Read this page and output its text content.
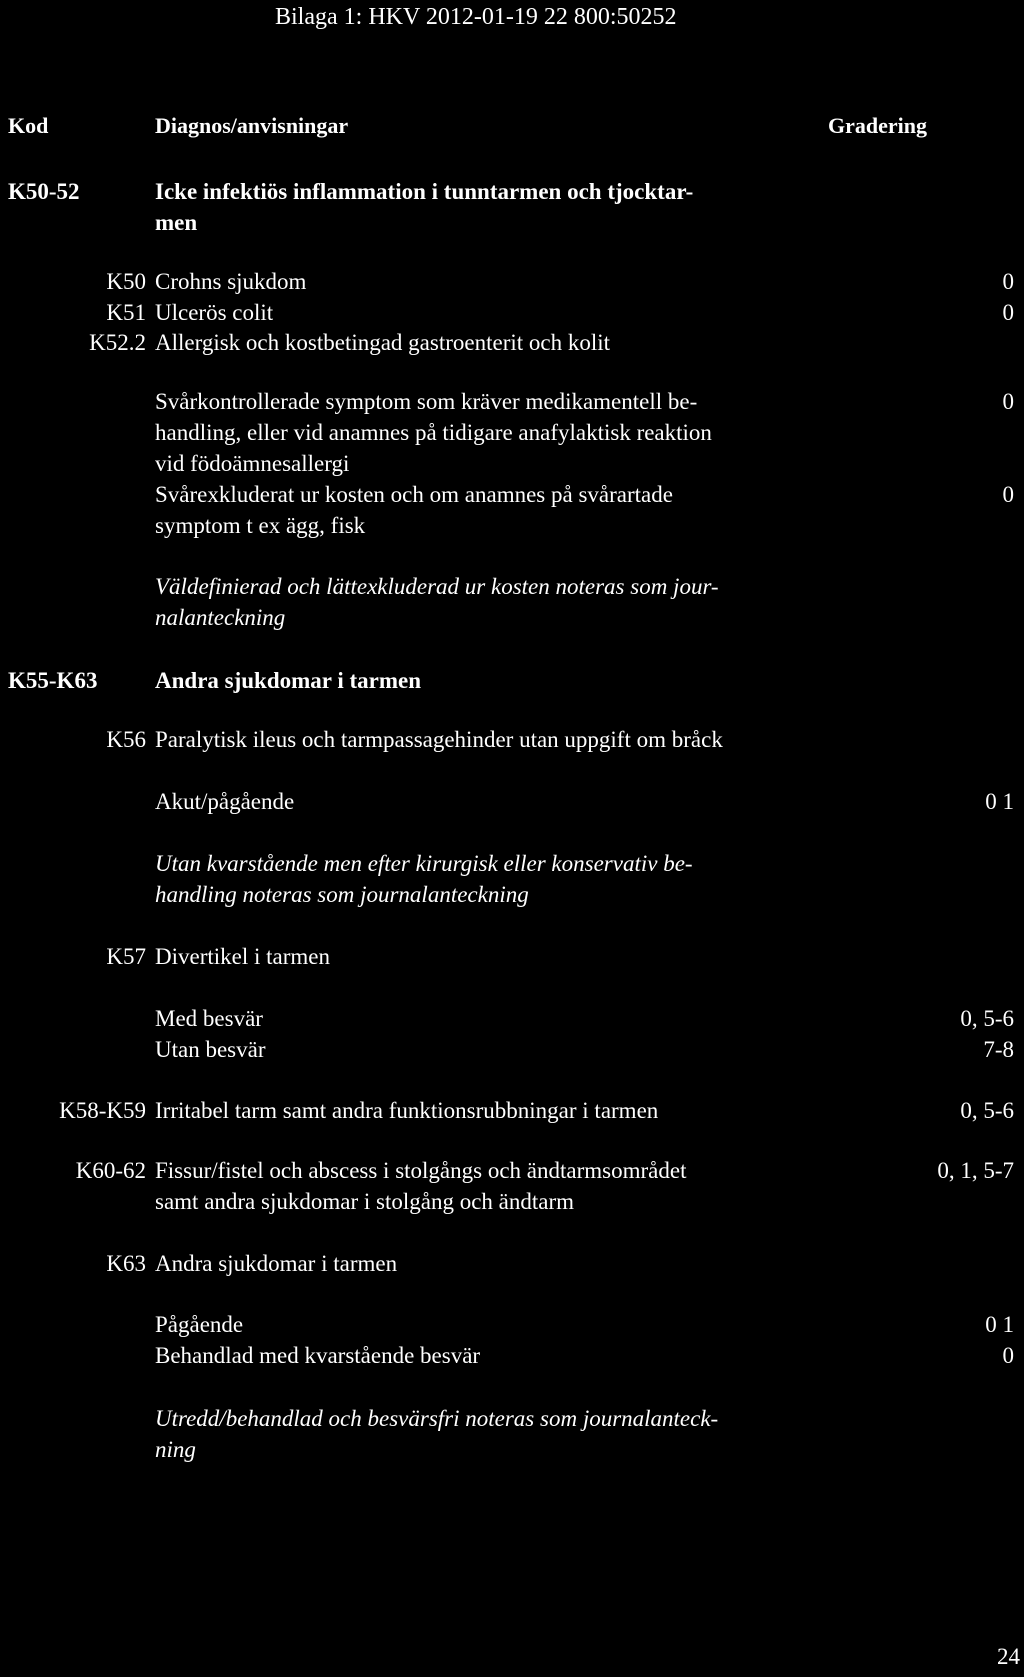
Bilaga 1: HKV 2012-01-19 22 800:50252
Kod	Diagnos/anvisningar	Gradering
K50-52	Icke infektiös inflammation i tunntarmen och tjocktar-
men
K50 Crohns sjukdom	0
K51 Ulcerös colit	0
K52.2 Allergisk och kostbetingad gastroenterit och kolit
Svårkontrollerade symptom som kräver medikamentell be-	0
handling, eller vid anamnes på tidigare anafylaktisk reaktion
vid födoämnesallergi
Svårexkluderat ur kosten och om anamnes på svårartade	0
symptom t ex ägg, fisk
Väldefinierad och lättexkluderad ur kosten noteras som jour-
nalanteckning
K55-K63	Andra sjukdomar i tarmen
K56 Paralytisk ileus och tarmpassagehinder utan uppgift om bråck
Akut/pågående	0 1
Utan kvarstående men efter kirurgisk eller konservativ be-
handling noteras som journalanteckning
K57 Divertikel i tarmen
Med besvär	0, 5-6
Utan besvär	7-8
K58-K59 Irritabel tarm samt andra funktionsrubbningar i tarmen	0, 5-6
K60-62 Fissur/fistel och abscess i stolgångs och ändtarmsområdet	0, 1, 5-7
samt andra sjukdomar i stolgång och ändtarm
K63 Andra sjukdomar i tarmen
Pågående	0 1
Behandlad med kvarstående besvär	0
Utredd/behandlad och besvärsfri noteras som journalanteck-
ning
24
